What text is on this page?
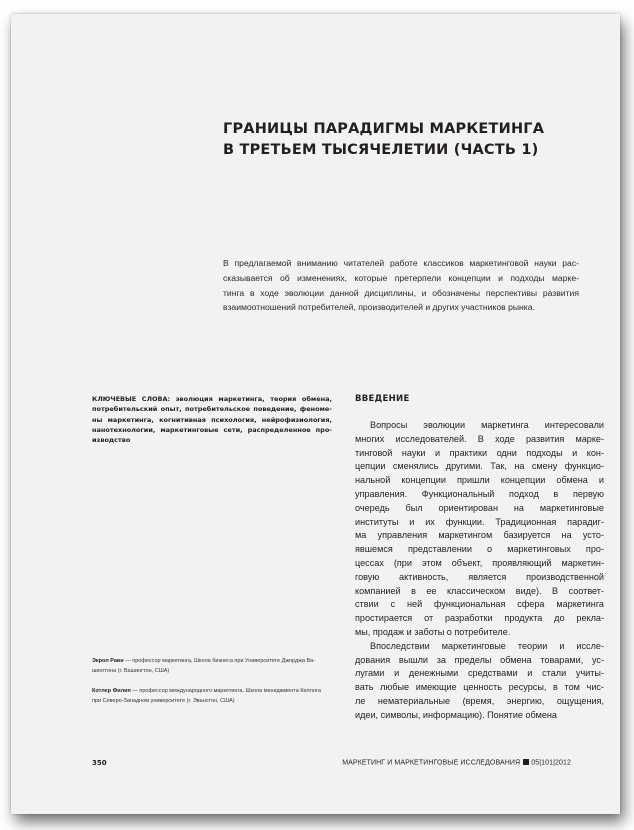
ГРАНИЦЫ ПАРАДИГМЫ МАРКЕТИНГА
В ТРЕТЬЕМ ТЫСЯЧЕЛЕТИИ (ЧАСТЬ 1)
В предлагаемой вниманию читателей работе классиков маркетинговой науки рас-
сказывается об изменениях, которые претерпели концепции и подходы марке-
тинга в ходе эволюции данной дисциплины, и обозначены перспективы развития
взаимоотношений потребителей, производителей и других участников рынка.
КЛЮЧЕВЫЕ СЛОВА: эволюция маркетинга, теория обмена,
потребительский опыт, потребительское поведение, феноме-
ны маркетинга, когнитивная психология, нейрофизиология,
нанотехнологии, маркетинговые сети, распределенное про-
изводство
ВВЕДЕНИЕ
Вопросы эволюции маркетинга интересовали
многих исследователей. В ходе развития марке-
тинговой науки и практики одни подходы и кон-
цепции сменялись другими. Так, на смену функцио-
нальной концепции пришли концепции обмена и
управления. Функциональный подход в первую
очередь был ориентирован на маркетинговые
институты и их функции. Традиционная парадиг-
ма управления маркетингом базируется на усто-
явшемся представлении о маркетинговых про-
цессах (при этом объект, проявляющий маркетин-
говую активность, является производственной
компанией в ее классическом виде). В соответ-
ствии с ней функциональная сфера маркетинга
простирается от разработки продукта до рекла-
мы, продаж и заботы о потребителе.
Впоследствии маркетинговые теории и иссле-
дования вышли за пределы обмена товарами, ус-
лугами и денежными средствами и стали учиты-
вать любые имеющие ценность ресурсы, в том чис-
ле нематериальные (время, энергию, ощущения,
идеи, символы, информацию). Понятие обмена
Экрол Рави — профессор маркетинга, Школа бизнеса при Университете Джорджа Ва-
шингтона (г. Вашингтон, США)
Котлер Филип — профессор международного маркетинга, Школа менеджмента Келлога
при Северо-Западном университете (г. Эванстон, США)
350	МАРКЕТИНГ И МАРКЕТИНГОВЫЕ ИССЛЕДОВАНИЯ 05|101|2012
